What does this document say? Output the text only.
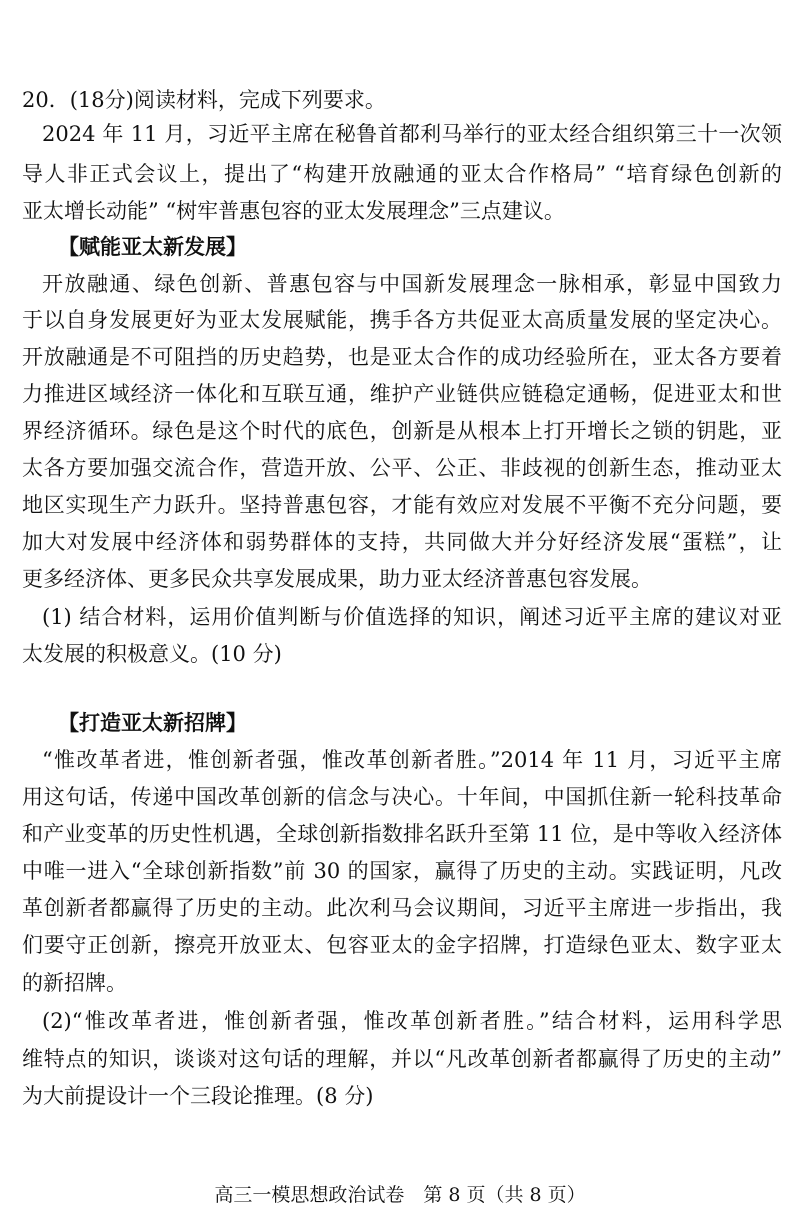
20．(18分)阅读材料，完成下列要求。
2024 年 11 月，习近平主席在秘鲁首都利马举行的亚太经合组织第三十一次领
导人非正式会议上，提出了“构建开放融通的亚太合作格局” “培育绿色创新的
亚太增长动能” “树牢普惠包容的亚太发展理念”三点建议。
【赋能亚太新发展】
开放融通、绿色创新、普惠包容与中国新发展理念一脉相承，彰显中国致力
于以自身发展更好为亚太发展赋能，携手各方共促亚太高质量发展的坚定决心。
开放融通是不可阻挡的历史趋势，也是亚太合作的成功经验所在，亚太各方要着
力推进区域经济一体化和互联互通，维护产业链供应链稳定通畅，促进亚太和世
界经济循环。绿色是这个时代的底色，创新是从根本上打开增长之锁的钥匙，亚
太各方要加强交流合作，营造开放、公平、公正、非歧视的创新生态，推动亚太
地区实现生产力跃升。坚持普惠包容，才能有效应对发展不平衡不充分问题，要
加大对发展中经济体和弱势群体的支持，共同做大并分好经济发展“蛋糕”，让
更多经济体、更多民众共享发展成果，助力亚太经济普惠包容发展。
(1) 结合材料，运用价值判断与价值选择的知识，阐述习近平主席的建议对亚
太发展的积极意义。(10 分)
【打造亚太新招牌】
“惟改革者进，惟创新者强，惟改革创新者胜。”2014 年 11 月，习近平主席
用这句话，传递中国改革创新的信念与决心。十年间，中国抓住新一轮科技革命
和产业变革的历史性机遇，全球创新指数排名跃升至第 11 位，是中等收入经济体
中唯一进入“全球创新指数”前 30 的国家，赢得了历史的主动。实践证明，凡改
革创新者都赢得了历史的主动。此次利马会议期间，习近平主席进一步指出，我
们要守正创新，擦亮开放亚太、包容亚太的金字招牌，打造绿色亚太、数字亚太
的新招牌。
(2)“惟改革者进，惟创新者强，惟改革创新者胜。”结合材料，运用科学思
维特点的知识，谈谈对这句话的理解，并以“凡改革创新者都赢得了历史的主动”
为大前提设计一个三段论推理。(8 分)
高三一模思想政治试卷　第 8 页（共 8 页）
